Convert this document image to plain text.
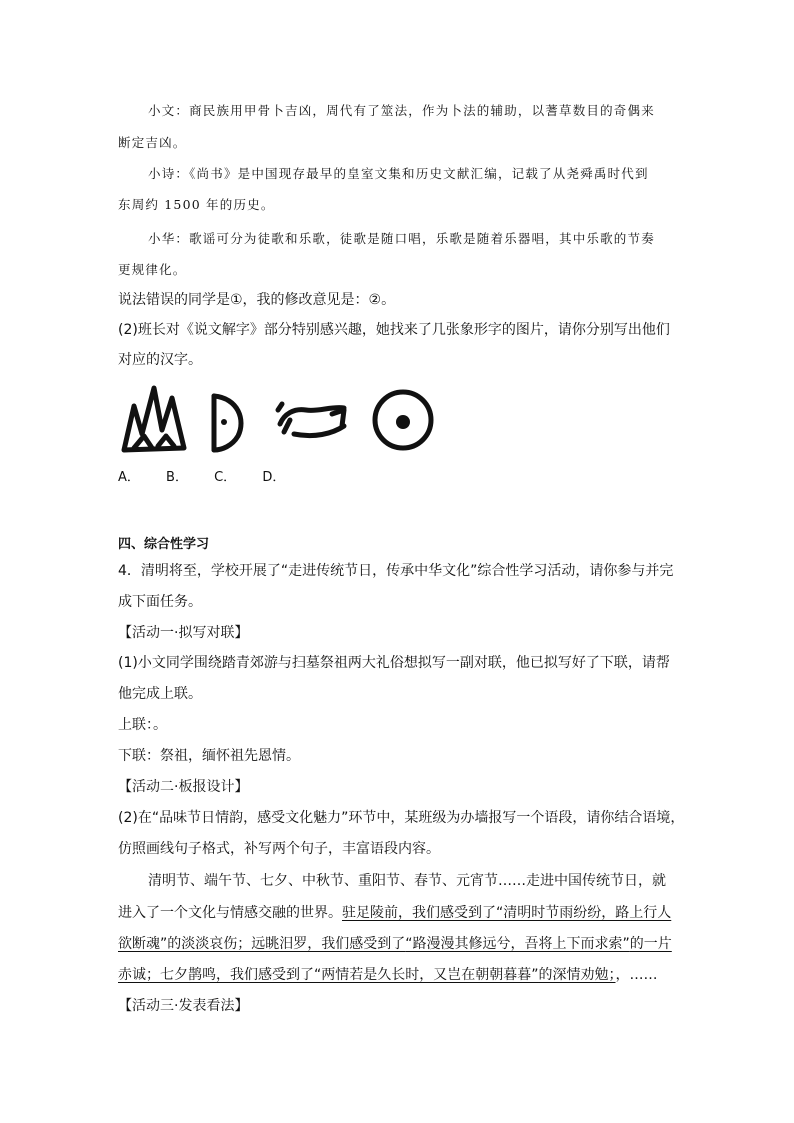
小文：商民族用甲骨卜吉凶，周代有了筮法，作为卜法的辅助，以蓍草数目的奇偶来
断定吉凶。
小诗：《尚书》是中国现存最早的皇室文集和历史文献汇编，记载了从尧舜禹时代到
东周约 1500 年的历史。
小华：歌谣可分为徒歌和乐歌，徒歌是随口唱，乐歌是随着乐器唱，其中乐歌的节奏
更规律化。
说法错误的同学是①，我的修改意见是：②。
(2)班长对《说文解字》部分特别感兴趣，她找来了几张象形字的图片，请你分别写出他们
对应的汉字。
A． B． C． D．
四、综合性学习
4．清明将至，学校开展了“走进传统节日，传承中华文化”综合性学习活动，请你参与并完
成下面任务。
【活动一·拟写对联】
(1)小文同学围绕踏青郊游与扫墓祭祖两大礼俗想拟写一副对联，他已拟写好了下联，请帮
他完成上联。
上联：。
下联：祭祖，缅怀祖先恩情。
【活动二·板报设计】
(2)在“品味节日情韵，感受文化魅力”环节中，某班级为办墙报写一个语段，请你结合语境，
仿照画线句子格式，补写两个句子，丰富语段内容。
清明节、端午节、七夕、中秋节、重阳节、春节、元宵节……走进中国传统节日，就
进入了一个文化与情感交融的世界。驻足陵前，我们感受到了“清明时节雨纷纷，路上行人
欲断魂”的淡淡哀伤；远眺汨罗，我们感受到了“路漫漫其修远兮，吾将上下而求索”的一片
赤诚；七夕鹊鸣，我们感受到了“两情若是久长时，又岂在朝朝暮暮”的深情劝勉；，……
【活动三·发表看法】
